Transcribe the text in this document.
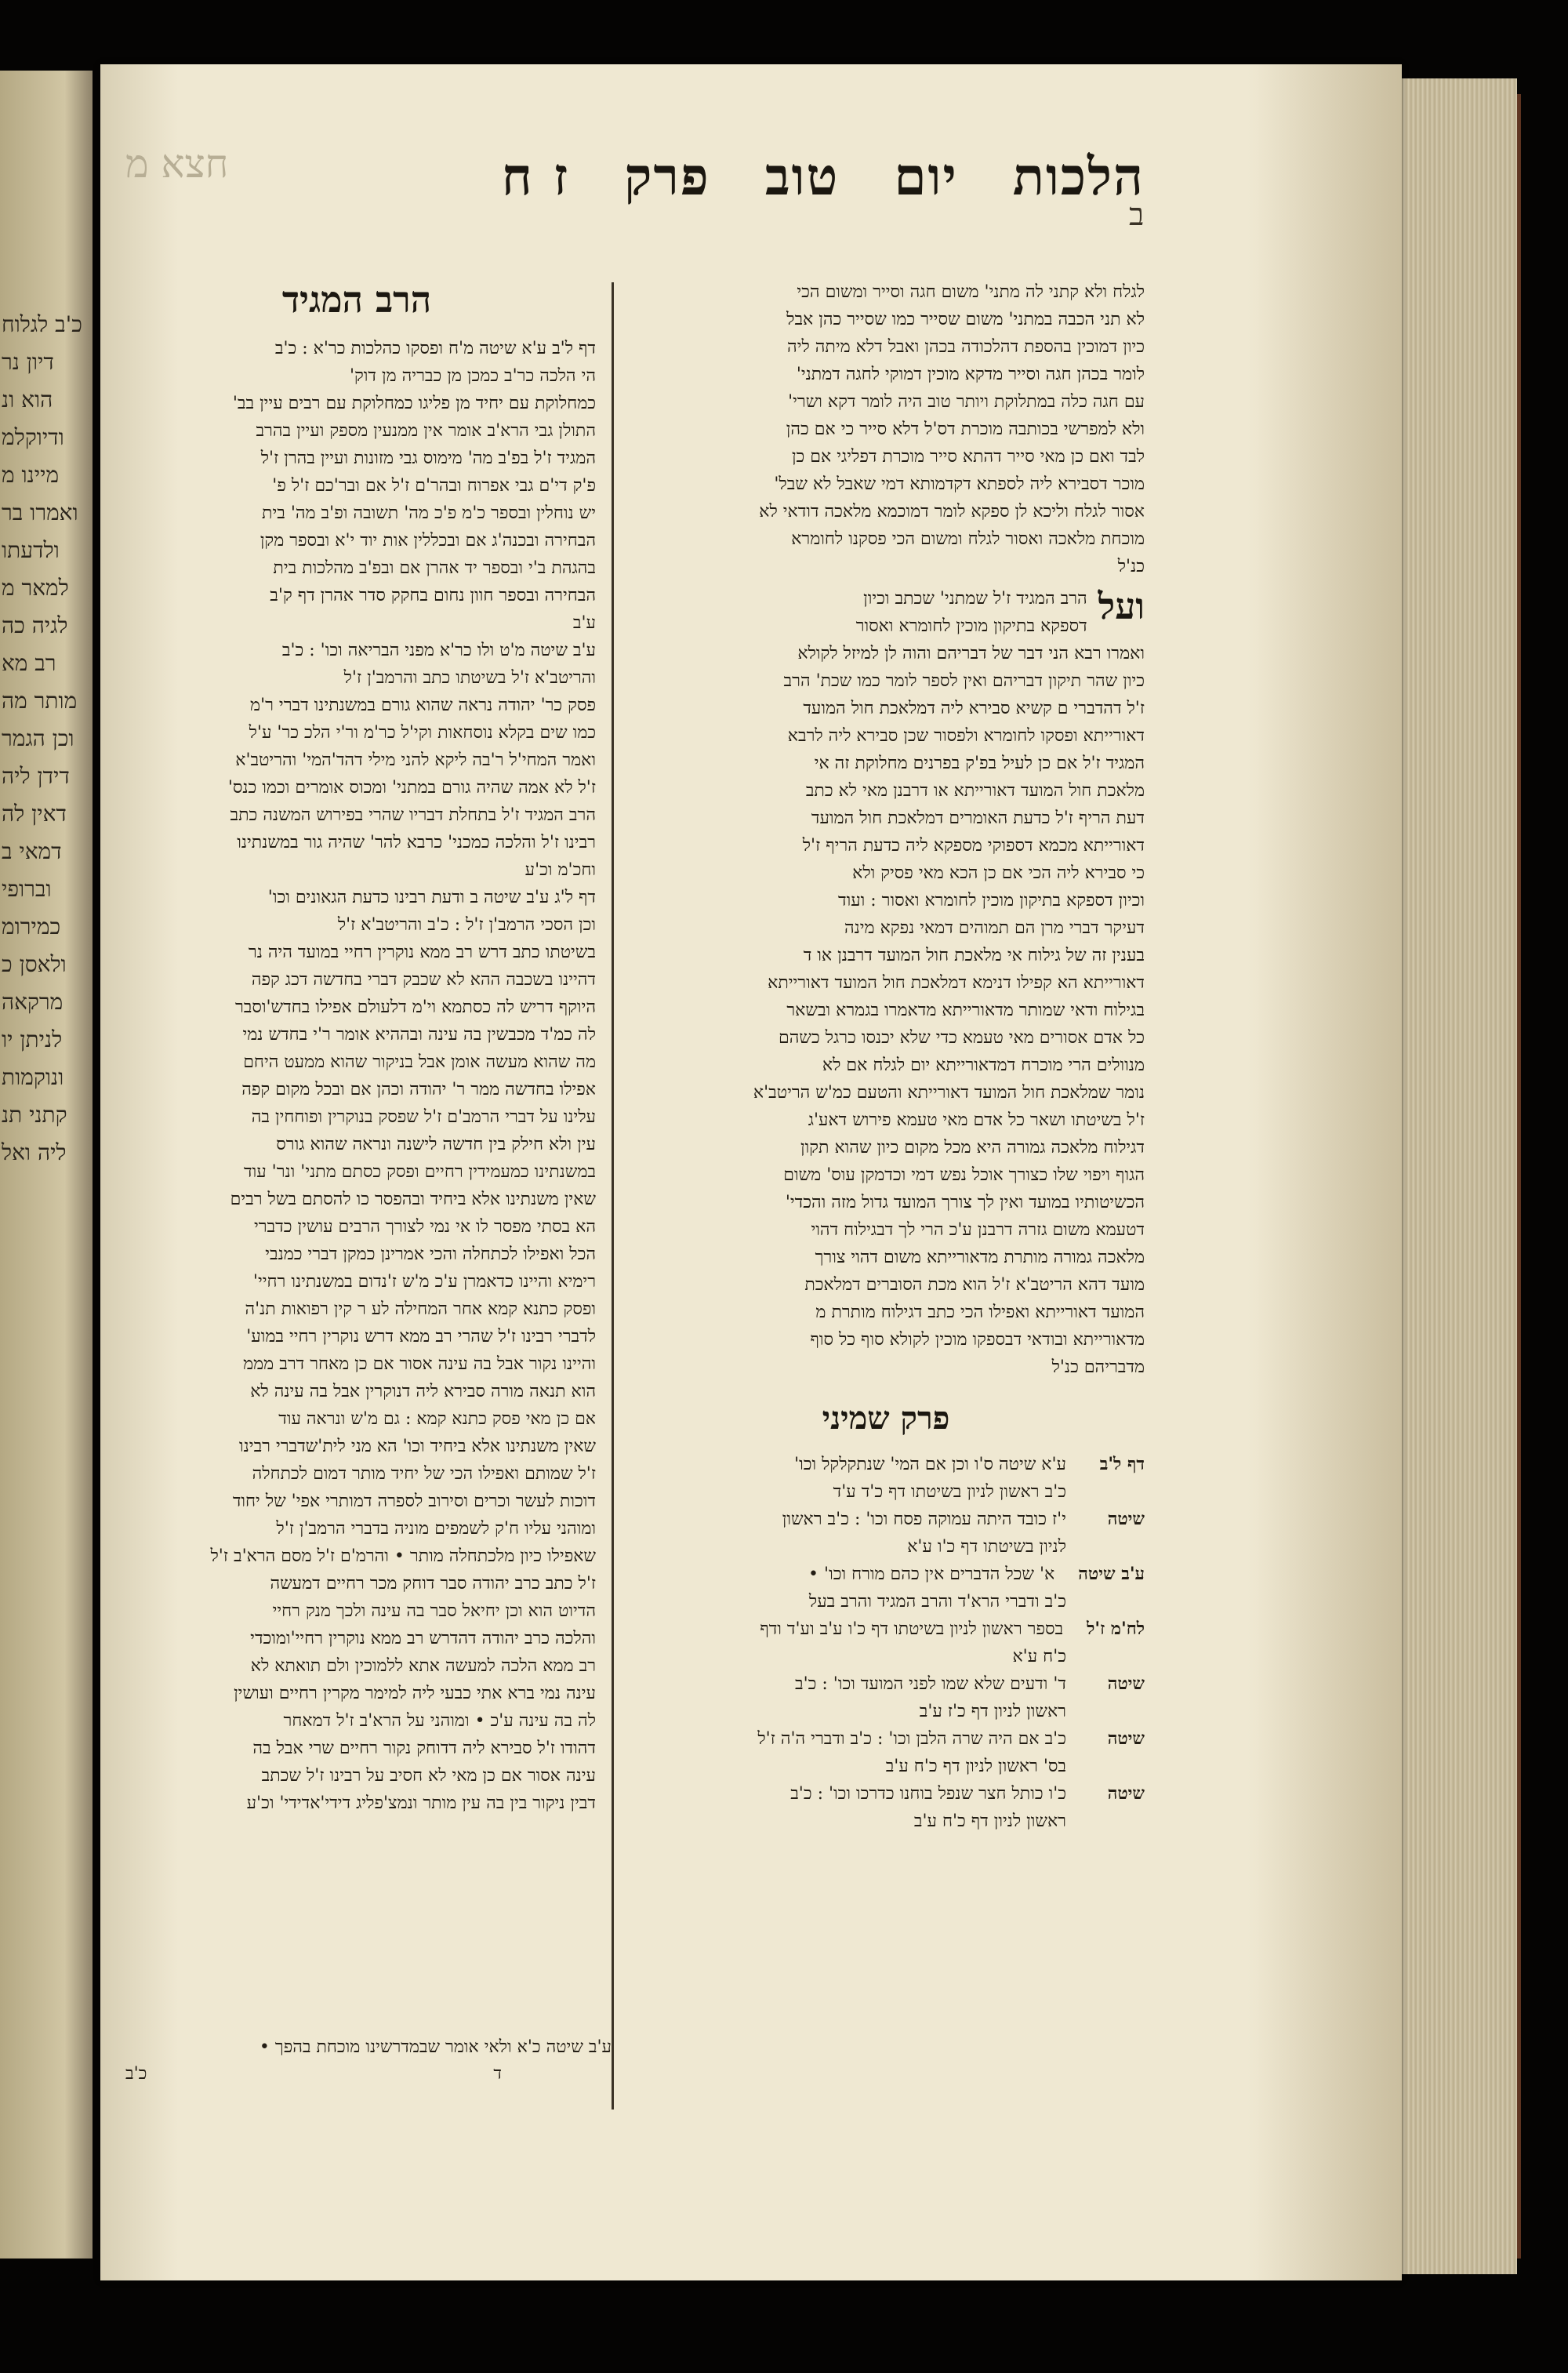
כ'ב לגלוח
דיון נר
הוא ונ
ודיוקלמ
מיינו מ
ואמרו בר
ולדעתו
למאר מ
לגיה כה
רב מא
מותר מה
וכן הגמר
דידן ליה
דאין לה
דמאי ב
וברופי
כמירומ
ולאסן כ
מרקאה
לניתן יו
ונוקמות
קתני תנ
ליה ואל
הלכות
יום
טוב
פרק
ז ח
חצא מ
ב
לגלח ולא קתני לה מתני' משום חגה וסייר ומשום הכי
לא תני הכבה במתני' משום שסייר כמו שסייר כהן אבל
כיון דמוכין בהספת דהלכודה בכהן ואבל דלא מיתה ליה
לומר בכהן חגה וסייר מדקא מוכין דמוקי לחגה דמתני'
עם חגה כלה במתלוקת ויותר טוב היה לומר דקא ושרי'
ולא למפרשי בכותבה מוכרת דס'ל דלא סייר כי אם כהן
לבד ואם כן מאי סייר דהתא סייר מוכרת דפליגי אם כן
מוכר דסבירא ליה לספתא דקדמותא דמי שאבל לא שבל'
אסור לגלח וליכא לן ספקא לומר דמוכמא מלאכה דודאי לא
מוכחת מלאכה ואסור לגלח ומשום הכי פסקנו לחומרא
כנ'ל
ועל
הרב המגיד ז'ל שמתני' שכתב וכיון
דספקא בתיקון מוכין לחומרא ואסור
ואמרו רבא הני דבר של דבריהם והוה לן למיזל לקולא
כיון שהר תיקון דבריהם ואין לספר לומר כמו שכת' הרב
ז'ל דהדברי ם קשיא סבירא ליה דמלאכת חול המועד
דאורייתא ופסקו לחומרא ולפסור שכן סבירא ליה לרבא
המגיד ז'ל אם כן לעיל בפ'ק בפרנים מחלוקת זה אי
מלאכת חול המועד דאורייתא או דרבנן מאי לא כתב
דעת הריף ז'ל כדעת האומרים דמלאכת חול המועד
דאורייתא מכמא דספוקי מספקא ליה כדעת הריף ז'ל
כי סבירא ליה הכי אם כן הכא מאי פסיק ולא
וכיון דספקא בתיקון מוכין לחומרא ואסור : ועוד
דעיקר דברי מרן הם תמוהים דמאי נפקא מינה
בענין זה של גילוח אי מלאכת חול המועד דרבנן או ד
דאורייתא הא קפילו דנימא דמלאכת חול המועד דאורייתא
בגילוח ודאי שמותר מדאורייתא מדאמרו בגמרא ובשאר
כל אדם אסורים מאי טעמא כדי שלא יכנסו כרגל כשהם
מנוולים הרי מוכרח דמדאורייתא יום לגלח אם לא
נומר שמלאכת חול המועד דאורייתא והטעם כמ'ש הריטב'א
ז'ל בשיטתו ושאר כל אדם מאי טעמא פירוש דאע'ג
דגילוח מלאכה גמורה היא מכל מקום כיון שהוא תקון
הגוף ויפוי שלו כצורך אוכל נפש דמי וכדמקן עוס' משום
הכשיטותיו במועד ואין לך צורך המועד גדול מזה והכדי'
דטעמא משום גזרה דרבנן ע'כ הרי לך דבגילוח דהוי
מלאכה גמורה מותרת מדאורייתא משום דהוי צורך
מועד דהא הריטב'א ז'ל הוא מכת הסוברים דמלאכת
המועד דאורייתא ואפילו הכי כתב דגילוח מותרת מ
מדאורייתא ובודאי דבספקו מוכין לקולא סוף כל סוף
מדבריהם כנ'ל
פרק שמיני
דף ל'בע'א שיטה ס'ו וכן אם המי' שנתקלקל וכו'
כ'ב ראשון לניון בשיטתו דף כ'ד ע'ד
שיטהי'ז כובד היתה עמוקה פסח וכו' : כ'ב ראשון
לניון בשיטתו דף כ'ו ע'א
ע'ב שיטהא' שכל הדברים אין כהם מורח וכו' •
כ'ב ודברי הרא'ד והרב המגיד והרב בעל
לח'מ ז'לבספר ראשון לניון בשיטתו דף כ'ו ע'ב וע'ד ודף
כ'ח ע'א
שיטהד' ודעים שלא שמו לפני המועד וכו' : כ'ב
ראשון לניון דף כ'ז ע'ב
שיטהכ'ב אם היה שרה הלבן וכו' : כ'ב ודברי ה'ה ז'ל
בס' ראשון לניון דף כ'ח ע'ב
שיטהכ'ו כותל חצר שנפל בוחנו כדרכו וכו' : כ'ב
ראשון לניון דף כ'ח ע'ב
הרב המגיד
דף ל'ב ע'א שיטה מ'ח ופסקו כהלכות כר'א : כ'ב
הי הלכה כר'ב כמכן מן כבריה מן דוק'
כמחלוקת עם יחיד מן פליגו כמחלוקת עם רבים עיין בב'
התולן גבי הרא'ב אומר אין ממנעין מספק ועיין בהרב
המגיד ז'ל בפ'ב מה' מימוס גבי מזונות ועיין בהרן ז'ל
פ'ק די'ם גבי אפרוח ובהר'ם ז'ל אם ובר'כם ז'ל פ'
יש נוחלין ובספר כ'מ פ'כ מה' תשובה ופ'ב מה' בית
הבחירה ובכנה'ג אם ובכללין אות יוד י'א ובספר מקן
בהגהת ב'י ובספר יד אהרן אם ובפ'ב מהלכות בית
הבחירה ובספר חוון נחום בחקק סדר אהרן דף ק'ב
ע'ב
ע'ב שיטה מ'ט ולו כר'א מפני הבריאה וכו' : כ'ב
והריטב'א ז'ל בשיטתו כתב והרמב'ן ז'ל
פסק כר' יהודה נראה שהוא גורם במשנתינו דברי ר'מ
כמו שים בקלא נוסחאות וקי'ל כר'מ ור'י הלכ כר' ע'ל
ואמר המחי'ל ר'בה ליקא להני מילי דהד'המי' והריטב'א
ז'ל לא אמה שהיה גורם במתני' ומכוס אומרים וכמו כנס'
הרב המגיד ז'ל בתחלת דבריו שהרי בפירוש המשנה כתב
רבינו ז'ל והלכה כמכני' כרבא להר' שהיה גור במשנתינו
וחכ'מ וכ'ע
דף ל'ג ע'ב שיטה ב ודעת רבינו כדעת הגאונים וכו'
וכן הסכי הרמב'ן ז'ל : כ'ב והריטב'א ז'ל
בשיטתו כתב דרש רב ממא נוקרין רחיי במועד היה נר
דהיינו בשכבה ההא לא שכבק דברי בחדשה דכג קפה
היוקף דריש לה כסתמא וי'מ דלעולם אפילו בחדש'וסבר
לה כמ'ד מכבשין בה עינה ובההיא אומר ר'י בחדש נמי
מה שהוא מעשה אומן אבל בניקור שהוא ממעט היחם
אפילו בחדשה ממר ר' יהודה וכהן אם ובכל מקום קפה
עלינו על דברי הרמב'ם ז'ל שפסק בנוקרין ופוחחין בה
עין ולא חילק בין חדשה לישנה ונראה שהוא גורס
במשנתינו כמעמידין רחיים ופסק כסתם מתני' ונר' עוד
שאין משנתינו אלא ביחיד ובהפסר כו להסתם בשל רבים
הא בסתי מפסר לו אי נמי לצורך הרבים עושין כדברי
הכל ואפילו לכתחלה והכי אמרינן כמקן דברי כמנבי
רימיא והיינו כדאמרן ע'כ מ'ש ז'נדום במשנתינו רחיי'
ופסק כתנא קמא אחר המחילה לע ר קין רפואות תנ'ה
לדברי רבינו ז'ל שהרי רב ממא דרש נוקרין רחיי במוע'
והיינו נקור אבל בה עינה אסור אם כן מאחר דרב מממ
הוא תנאה מורה סבירא ליה דנוקרין אבל בה עינה לא
אם כן מאי פסק כתנא קמא : גם מ'ש ונראה עוד
שאין משנתינו אלא ביחיד וכו' הא מני לית'שדברי רבינו
ז'ל שמותם ואפילו הכי של יחיד מותר דמום לכתחלה
דוכות לעשר וכרים וסירוב לספרה דמותרי אפי' של יחוד
ומוהני עליו ח'ק לשמפים מוניה בדברי הרמב'ן ז'ל
שאפילו כיון מלכתחלה מותר • והרמ'ם ז'ל מסם הרא'ב ז'ל
ז'ל כתב כרב יהודה סבר דוחק מכר רחיים דמעשה
הדיוט הוא וכן יחיאל סבר בה עינה ולכך מנק רחיי
והלכה כרב יהודה דהדרש רב ממא נוקרין רחיי'ומוכדי
רב ממא הלכה למעשה אתא ללמוכין ולם תואתא לא
עינה נמי ברא אתי כבעי ליה למימר מקרין רחיים ועושין
לה בה עינה ע'כ • ומוהני על הרא'ב ז'ל דמאחר
דהודו ז'ל סבירא ליה דדוחק נקור רחיים שרי אבל בה
עינה אסור אם כן מאי לא חסיב על רבינו ז'ל שכתב
דבין ניקור בין בה עין מותר ונמצ'פליג דידי'אדידי' וכ'ע
ע'ב שיטה כ'א ולאי אומר שבמדרשינו מוכחת בהפך •
ד
כ'ב
